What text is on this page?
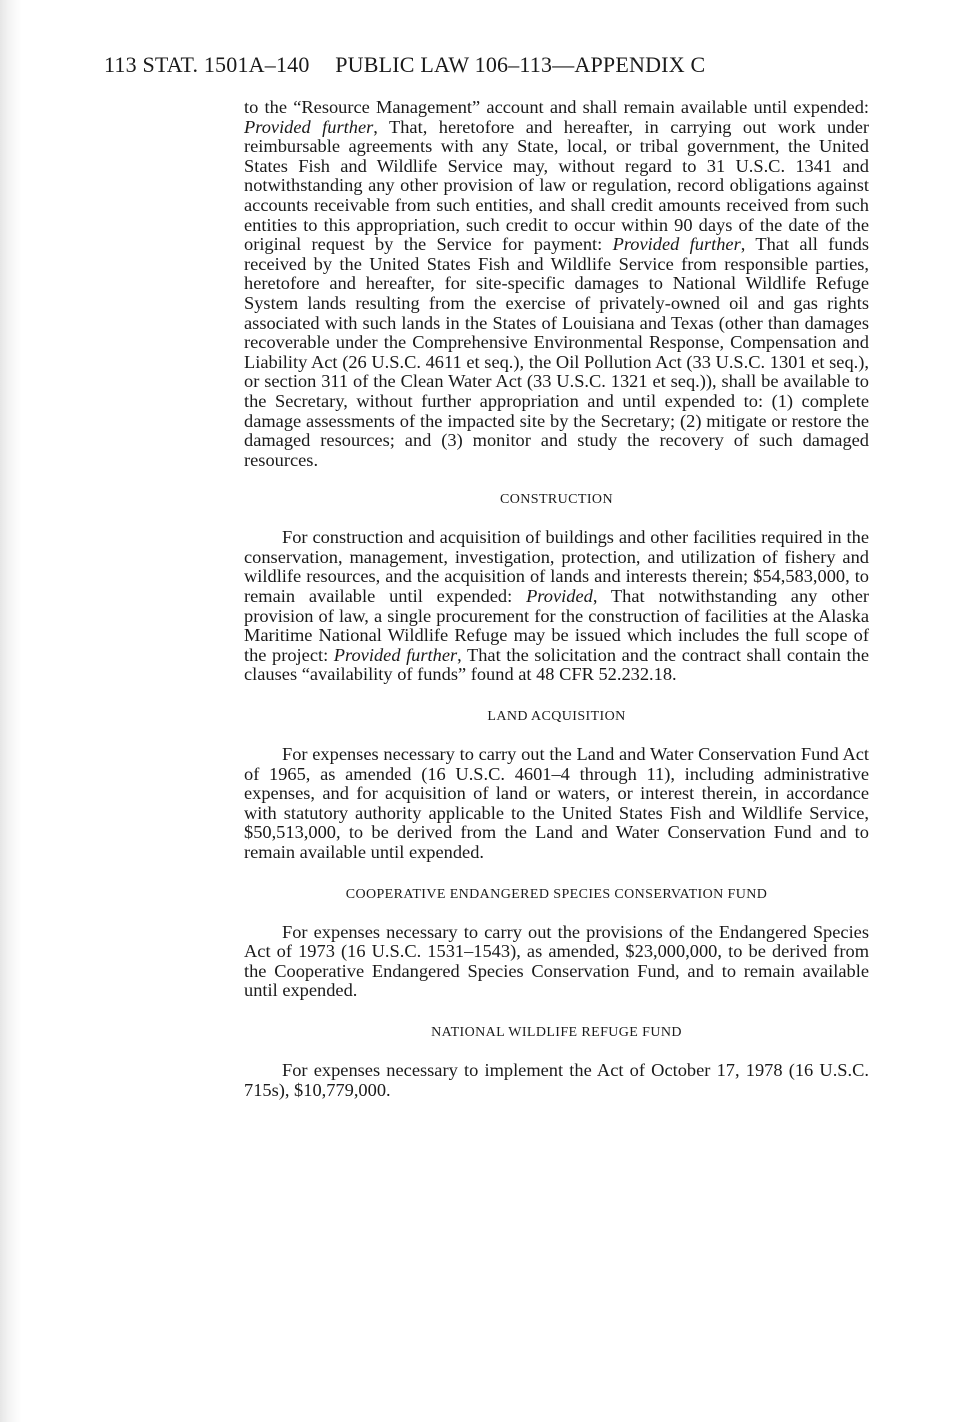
113 STAT. 1501A–140 PUBLIC LAW 106–113—APPENDIX C

to the “Resource Management” account and shall remain available until expended: Provided further, That, heretofore and hereafter, in carrying out work under reimbursable agreements with any State, local, or tribal government, the United States Fish and Wildlife Service may, without regard to 31 U.S.C. 1341 and notwithstanding any other provision of law or regulation, record obligations against accounts receivable from such entities, and shall credit amounts received from such entities to this appropriation, such credit to occur within 90 days of the date of the original request by the Service for payment: Provided further, That all funds received by the United States Fish and Wildlife Service from responsible parties, heretofore and hereafter, for site-specific damages to National Wildlife Refuge System lands resulting from the exercise of privately-owned oil and gas rights associated with such lands in the States of Louisiana and Texas (other than damages recoverable under the Comprehensive Environmental Response, Compensation and Liability Act (26 U.S.C. 4611 et seq.), the Oil Pollution Act (33 U.S.C. 1301 et seq.), or section 311 of the Clean Water Act (33 U.S.C. 1321 et seq.)), shall be available to the Secretary, without further appropriation and until expended to: (1) complete damage assessments of the impacted site by the Secretary; (2) mitigate or restore the damaged resources; and (3) monitor and study the recovery of such damaged resources.

CONSTRUCTION

For construction and acquisition of buildings and other facilities required in the conservation, management, investigation, protection, and utilization of fishery and wildlife resources, and the acquisition of lands and interests therein; $54,583,000, to remain available until expended: Provided, That notwithstanding any other provision of law, a single procurement for the construction of facilities at the Alaska Maritime National Wildlife Refuge may be issued which includes the full scope of the project: Provided further, That the solicitation and the contract shall contain the clauses “availability of funds” found at 48 CFR 52.232.18.

LAND ACQUISITION

For expenses necessary to carry out the Land and Water Conservation Fund Act of 1965, as amended (16 U.S.C. 4601–4 through 11), including administrative expenses, and for acquisition of land or waters, or interest therein, in accordance with statutory authority applicable to the United States Fish and Wildlife Service, $50,513,000, to be derived from the Land and Water Conservation Fund and to remain available until expended.

COOPERATIVE ENDANGERED SPECIES CONSERVATION FUND

For expenses necessary to carry out the provisions of the Endangered Species Act of 1973 (16 U.S.C. 1531–1543), as amended, $23,000,000, to be derived from the Cooperative Endangered Species Conservation Fund, and to remain available until expended.

NATIONAL WILDLIFE REFUGE FUND

For expenses necessary to implement the Act of October 17, 1978 (16 U.S.C. 715s), $10,779,000.
